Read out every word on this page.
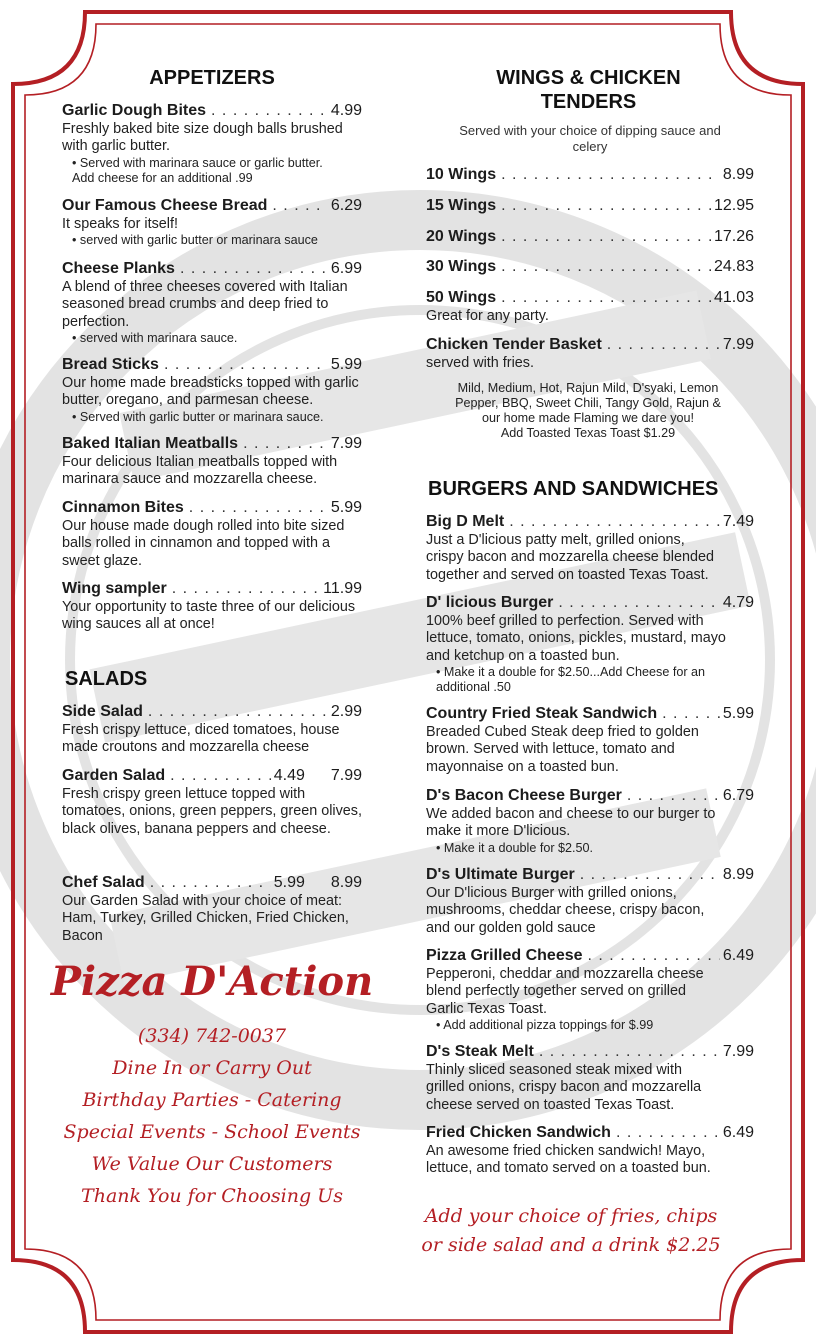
APPETIZERS
Garlic Dough Bites . . .	4.99
Freshly baked bite size dough balls brushed with garlic butter.
• Served with marinara sauce or garlic butter.
Add cheese for an additional .99
Our Famous Cheese Bread . . .	6.29
It speaks for itself!
• served with garlic butter or marinara sauce
Cheese Planks . . .	6.99
A blend of three cheeses covered with Italian seasoned bread crumbs and deep fried to perfection.
• served with marinara sauce.
Bread Sticks . . .	5.99
Our home made breadsticks topped with garlic butter, oregano, and parmesan cheese.
• Served with garlic butter or marinara sauce.
Baked Italian Meatballs . . .	7.99
Four delicious Italian meatballs topped with marinara sauce and mozzarella cheese.
Cinnamon Bites . . .	5.99
Our house made dough rolled into bite sized balls rolled in cinnamon and topped with a sweet glaze.
Wing sampler . . .	11.99
Your opportunity to taste three of our delicious wing sauces all at once!
SALADS
Side Salad . . .	2.99
Fresh crispy lettuce, diced tomatoes, house made croutons and mozzarella cheese
Garden Salad . . .	4.49 7.99
Fresh crispy green lettuce topped with tomatoes, onions, green peppers, green olives, black olives, banana peppers and cheese.
Chef Salad . . .	5.99 8.99
Our Garden Salad with your choice of meat: Ham, Turkey, Grilled Chicken, Fried Chicken, Bacon
Pizza D'Action
(334) 742-0037
Dine In or Carry Out
Birthday Parties - Catering
Special Events - School Events
We Value Our Customers
Thank You for Choosing Us
WINGS & CHICKEN TENDERS
Served with your choice of dipping sauce and celery
10 Wings . . .	8.99
15 Wings . . .	12.95
20 Wings . . .	17.26
30 Wings . . .	24.83
50 Wings . . .	41.03
Great for any party.
Chicken Tender Basket . . .	7.99
served with fries.
Mild, Medium, Hot, Rajun Mild, D'syaki, Lemon
Pepper, BBQ, Sweet Chili, Tangy Gold, Rajun &
our home made Flaming we dare you!
Add Toasted Texas Toast $1.29
BURGERS AND SANDWICHES
Big D Melt . . .	7.49
Just a D'licious patty melt, grilled onions, crispy bacon and mozzarella cheese blended together and served on toasted Texas Toast.
D' licious Burger . . .	4.79
100% beef grilled to perfection. Served with lettuce, tomato, onions, pickles, mustard, mayo and ketchup on a toasted bun.
• Make it a double for $2.50...Add Cheese for an additional .50
Country Fried Steak Sandwich . . .	5.99
Breaded Cubed Steak deep fried to golden brown. Served with lettuce, tomato and mayonnaise on a toasted bun.
D's Bacon Cheese Burger . . .	6.79
We added bacon and cheese to our burger to make it more D'licious.
• Make it a double for $2.50.
D's Ultimate Burger . . .	8.99
Our D'licious Burger with grilled onions, mushrooms, cheddar cheese, crispy bacon, and our golden gold sauce
Pizza Grilled Cheese . . .	6.49
Pepperoni, cheddar and mozzarella cheese blend perfectly together served on grilled Garlic Texas Toast.
• Add additional pizza toppings for $.99
D's Steak Melt . . .	7.99
Thinly sliced seasoned steak mixed with grilled onions, crispy bacon and mozzarella cheese served on toasted Texas Toast.
Fried Chicken Sandwich . . .	6.49
An awesome fried chicken sandwich! Mayo, lettuce, and tomato served on a toasted bun.
Add your choice of fries, chips
or side salad and a drink $2.25
